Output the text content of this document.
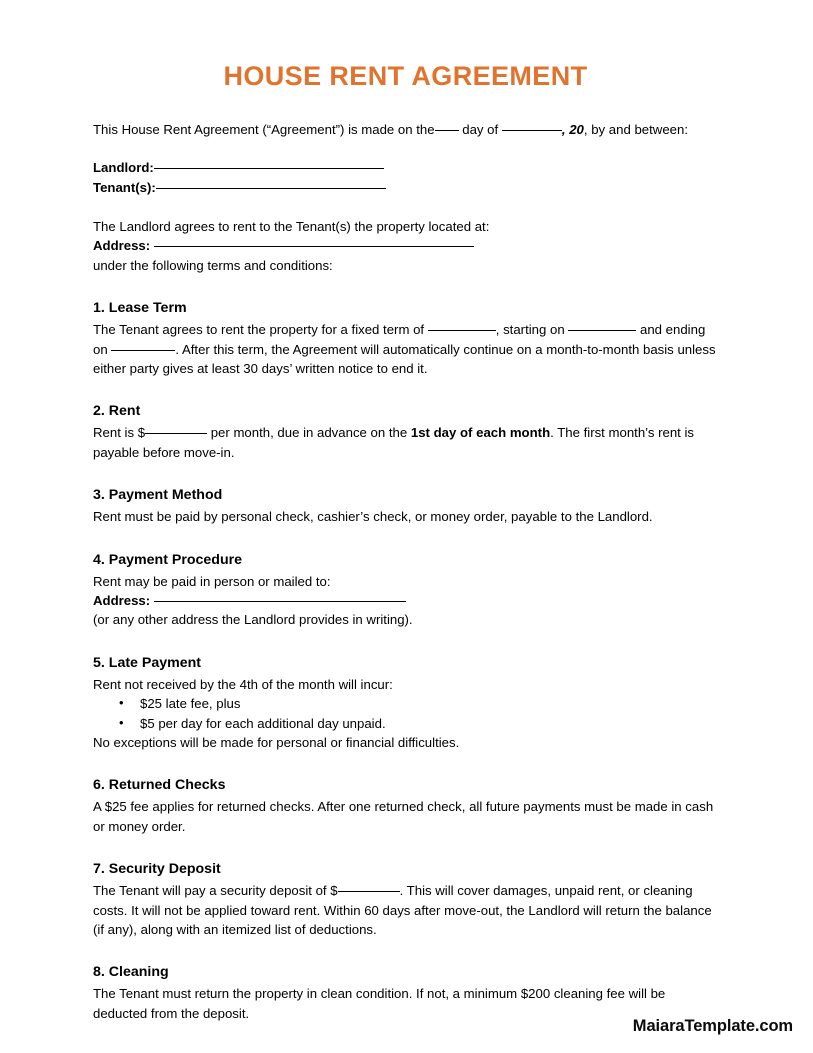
HOUSE RENT AGREEMENT

This House Rent Agreement (“Agreement”) is made on the day of	, 20, by and between:

Landlord:
Tenant(s):

The Landlord agrees to rent to the Tenant(s) the property located at:

Address:

under the following terms and conditions:

1. Lease Term

The Tenant agrees to rent the property for a fixed term of	, starting on	and ending on	. After this term, the Agreement will automatically continue on a month-to-month basis unless either party gives at least 30 days’ written notice to end it.

2. Rent

Rent is $	per month, due in advance on the 1st day of each month. The first month’s rent is payable before move-in.

3. Payment Method

Rent must be paid by personal check, cashier’s check, or money order, payable to the Landlord.

4. Payment Procedure

Rent may be paid in person or mailed to:

Address:

(or any other address the Landlord provides in writing).

5. Late Payment

Rent not received by the 4th of the month will incur:

• $25 late fee, plus
• $5 per day for each additional day unpaid.

No exceptions will be made for personal or financial difficulties.

6. Returned Checks

A $25 fee applies for returned checks. After one returned check, all future payments must be made in cash or money order.

7. Security Deposit

The Tenant will pay a security deposit of $	. This will cover damages, unpaid rent, or cleaning costs. It will not be applied toward rent. Within 60 days after move-out, the Landlord will return the balance (if any), along with an itemized list of deductions.

8. Cleaning

The Tenant must return the property in clean condition. If not, a minimum $200 cleaning fee will be deducted from the deposit.

MaiaraTemplate.com
